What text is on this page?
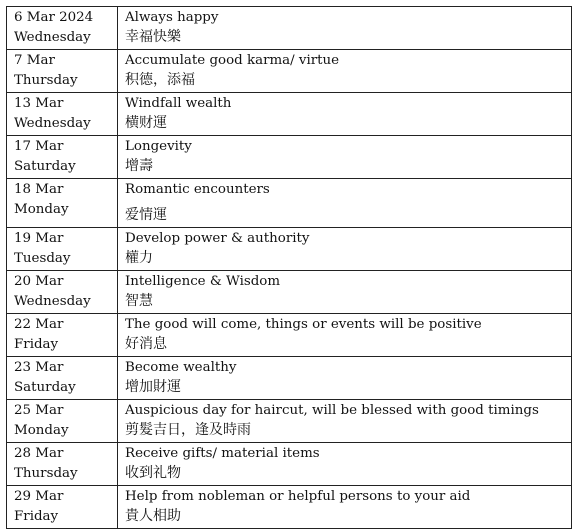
6 Mar 2024
Wednesday	Always happy
幸福快樂

7 Mar
Thursday	Accumulate good karma/ virtue
积德，添福

13 Mar
Wednesday	Windfall wealth
横财運

17 Mar
Saturday	Longevity
增壽

18 Mar
Monday	Romantic encounters
爱情運

19 Mar
Tuesday	Develop power & authority
權力

20 Mar
Wednesday	Intelligence & Wisdom
智慧

22 Mar
Friday	The good will come, things or events will be positive
好消息

23 Mar
Saturday	Become wealthy
增加財運

25 Mar
Monday	Auspicious day for haircut, will be blessed with good timings
剪髮吉日，逢及時雨

28 Mar
Thursday	Receive gifts/ material items
收到礼物

29 Mar
Friday	Help from nobleman or helpful persons to your aid
貴人相助
